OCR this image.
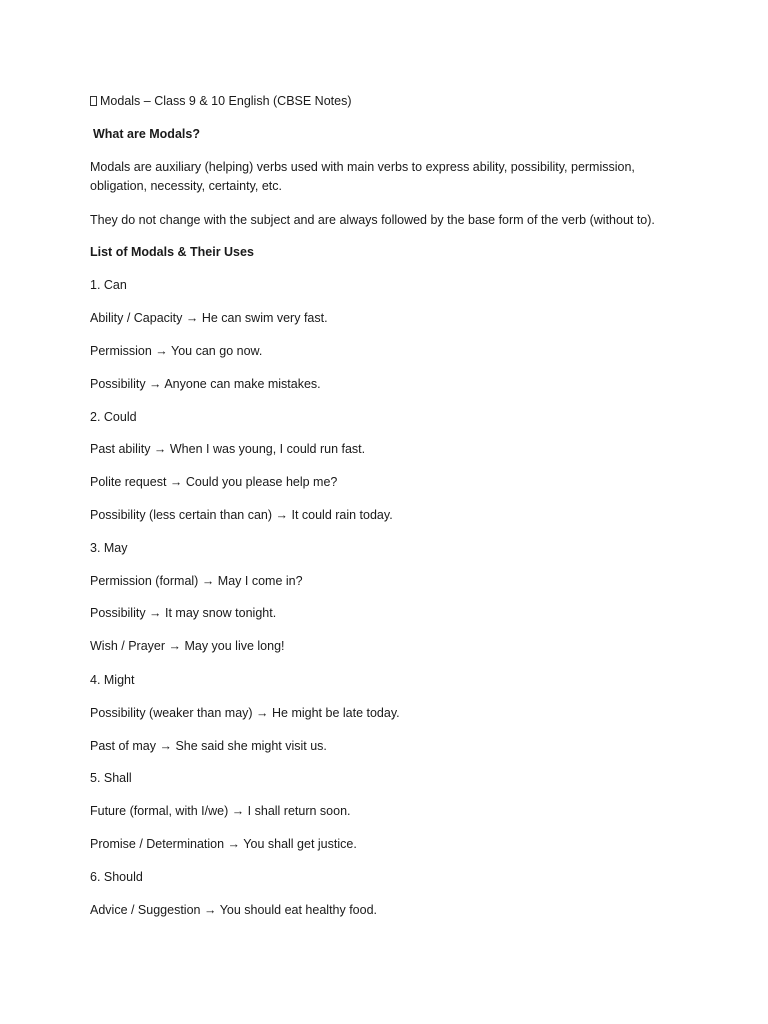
Modals – Class 9 & 10 English (CBSE Notes)
What are Modals?
Modals are auxiliary (helping) verbs used with main verbs to express ability, possibility, permission, obligation, necessity, certainty, etc.
They do not change with the subject and are always followed by the base form of the verb (without to).
List of Modals & Their Uses
1. Can
Ability / Capacity → He can swim very fast.
Permission → You can go now.
Possibility → Anyone can make mistakes.
2. Could
Past ability → When I was young, I could run fast.
Polite request → Could you please help me?
Possibility (less certain than can) → It could rain today.
3. May
Permission (formal) → May I come in?
Possibility → It may snow tonight.
Wish / Prayer → May you live long!
4. Might
Possibility (weaker than may) → He might be late today.
Past of may → She said she might visit us.
5. Shall
Future (formal, with I/we) → I shall return soon.
Promise / Determination → You shall get justice.
6. Should
Advice / Suggestion → You should eat healthy food.
